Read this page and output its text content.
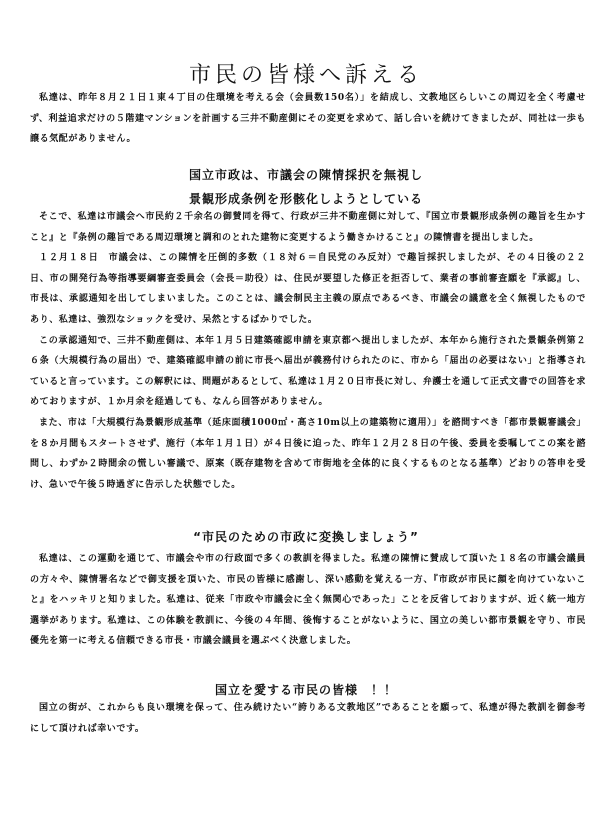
市民の皆様へ訴える

私達は、昨年８月２１日１東４丁目の住環境を考える会（会員数150名）」を結成し、文教地区らしいこの周辺を全く考慮せず、利益追求だけの５階建マンションを計画する三井不動産側にその変更を求めて、話し合いを続けてきましたが、同社は一歩も譲る気配がありません。

国立市政は、市議会の陳情採択を無視し
景観形成条例を形骸化しようとしている

そこで、私達は市議会へ市民約２千余名の御賛同を得て、行政が三井不動産側に対して、『国立市景観形成条例の趣旨を生かすこと』と『条例の趣旨である周辺環境と調和のとれた建物に変更するよう働きかけること』の陳情書を提出しました。

１２月１８日　市議会は、この陳情を圧倒的多数（１８対６＝自民党のみ反対）で趣旨採択しましたが、その４日後の２２日、市の開発行為等指導要綱審査委員会（会長＝助役）は、住民が要望した修正を拒否して、業者の事前審査願を『承認』し、市長は、承認通知を出してしまいました。このことは、議会制民主主義の原点であるべき、市議会の議意を全く無視したものであり、私達は、強烈なショックを受け、呆然とするばかりでした。

この承認通知で、三井不動産側は、本年１月５日建築確認申請を東京都へ提出しましたが、本年から施行された景観条例第２６条（大規模行為の届出）で、建築確認申請の前に市長へ届出が義務付けられたのに、市から「届出の必要はない」と指導されていると言っています。この解釈には、問題があるとして、私達は１月２０日市長に対し、弁護士を通して正式文書での回答を求めておりますが、１か月余を経過しても、なんら回答がありません。

また、市は「大規模行為景観形成基準（延床面積1000㎡・高さ10m以上の建築物に適用）」を諮問すべき「都市景観審議会」を８か月間もスタートさせず、施行（本年１月１日）が４日後に迫った、昨年１２月２８日の午後、委員を委嘱してこの案を諮問し、わずか２時間余の慌しい審議で、原案（既存建物を含めて市街地を全体的に良くするものとなる基準）どおりの答申を受け、急いで午後５時過ぎに告示した状態でした。

“市民のための市政に変換しましょう”

私達は、この運動を通じて、市議会や市の行政面で多くの教訓を得ました。私達の陳情に賛成して頂いた１８名の市議会議員の方々や、陳情署名などで御支援を頂いた、市民の皆様に感謝し、深い感動を覚える一方、『市政が市民に顔を向けていないこと』をハッキリと知りました。私達は、従来「市政や市議会に全く無関心であった」ことを反省しておりますが、近く統一地方選挙があります。私達は、この体験を教訓に、今後の４年間、後悔することがないように、国立の美しい都市景観を守り、市民優先を第一に考える信頼できる市長・市議会議員を選ぶべく決意しました。

国立を愛する市民の皆様　！！

国立の街が、これからも良い環境を保って、住み続けたい“誇りある文教地区”であることを願って、私達が得た教訓を御参考にして頂ければ幸いです。
